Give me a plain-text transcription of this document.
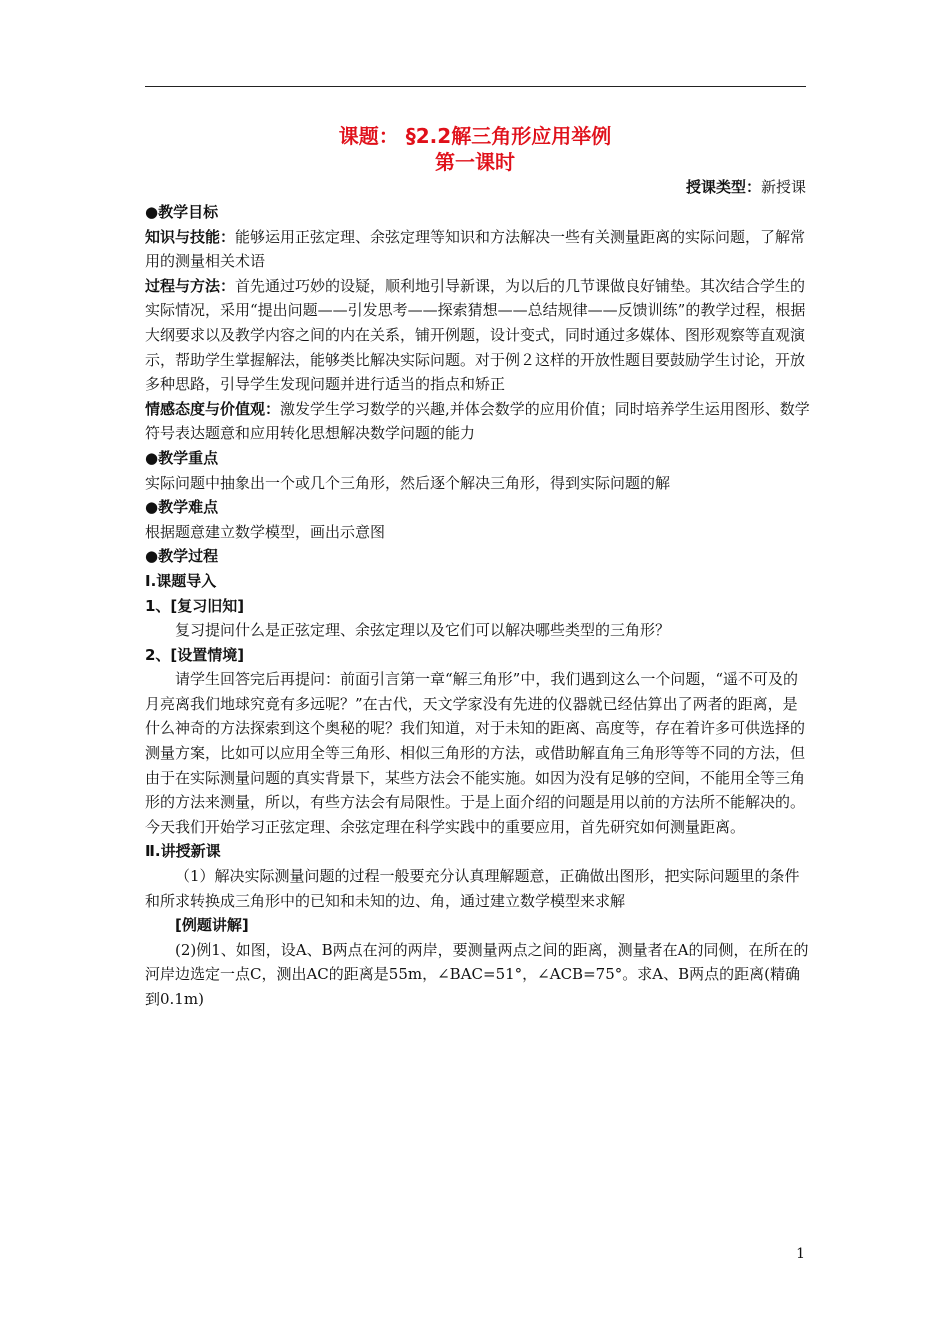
课题： §2.2解三角形应用举例
第一课时
授课类型：新授课

●教学目标

知识与技能：能够运用正弦定理、余弦定理等知识和方法解决一些有关测量距离的实际问题，了解常用的测量相关术语

过程与方法：首先通过巧妙的设疑，顺利地引导新课，为以后的几节课做良好铺垫。其次结合学生的实际情况，采用“提出问题——引发思考——探索猜想——总结规律——反馈训练”的教学过程，根据大纲要求以及教学内容之间的内在关系，铺开例题，设计变式，同时通过多媒体、图形观察等直观演示，帮助学生掌握解法，能够类比解决实际问题。对于例２这样的开放性题目要鼓励学生讨论，开放多种思路，引导学生发现问题并进行适当的指点和矫正

情感态度与价值观：激发学生学习数学的兴趣,并体会数学的应用价值；同时培养学生运用图形、数学符号表达题意和应用转化思想解决数学问题的能力

●教学重点

实际问题中抽象出一个或几个三角形，然后逐个解决三角形，得到实际问题的解

●教学难点

根据题意建立数学模型，画出示意图

●教学过程

Ⅰ.课题导入

1、[复习旧知]

复习提问什么是正弦定理、余弦定理以及它们可以解决哪些类型的三角形？

2、[设置情境]

请学生回答完后再提问：前面引言第一章“解三角形”中，我们遇到这么一个问题，“遥不可及的月亮离我们地球究竟有多远呢？”在古代，天文学家没有先进的仪器就已经估算出了两者的距离，是什么神奇的方法探索到这个奥秘的呢？我们知道，对于未知的距离、高度等，存在着许多可供选择的测量方案，比如可以应用全等三角形、相似三角形的方法，或借助解直角三角形等等不同的方法，但由于在实际测量问题的真实背景下，某些方法会不能实施。如因为没有足够的空间，不能用全等三角形的方法来测量，所以，有些方法会有局限性。于是上面介绍的问题是用以前的方法所不能解决的。今天我们开始学习正弦定理、余弦定理在科学实践中的重要应用，首先研究如何测量距离。

Ⅱ.讲授新课

（1）解决实际测量问题的过程一般要充分认真理解题意，正确做出图形，把实际问题里的条件和所求转换成三角形中的已知和未知的边、角，通过建立数学模型来求解

[例题讲解]

(2)例1、如图，设A、B两点在河的两岸，要测量两点之间的距离，测量者在A的同侧，在所在的河岸边选定一点C，测出AC的距离是55m，∠BAC=51°，∠ACB=75°。求A、B两点的距离(精确到0.1m)

1
